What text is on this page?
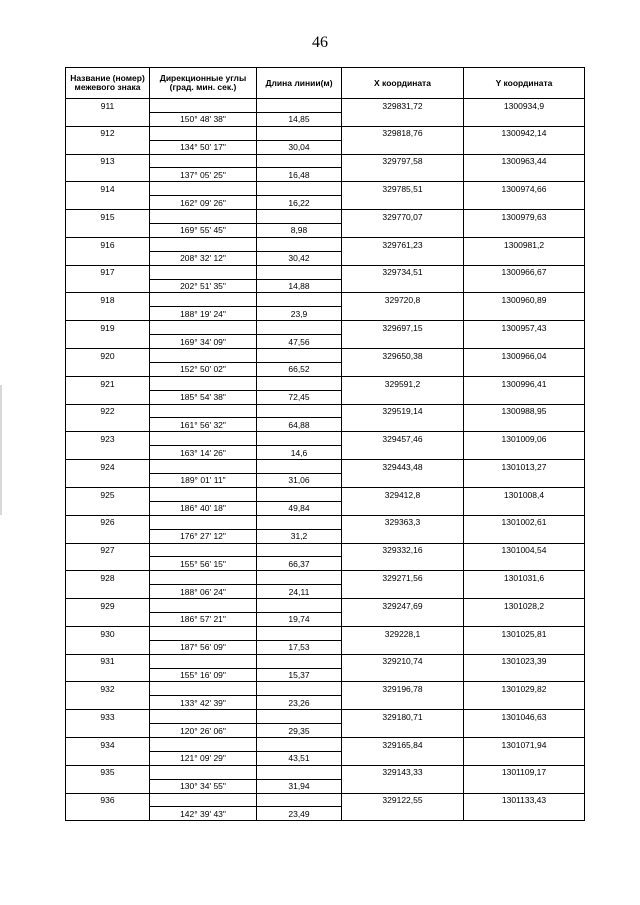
46
Название (номер) межевого знака	Дирекционные углы (град. мин. сек.)	Длина линии(м)	X координата	Y координата
911			329831,72	1300934,9
	150° 48' 38"	14,85		
912			329818,76	1300942,14
	134° 50' 17"	30,04		
913			329797,58	1300963,44
	137° 05' 25"	16,48		
914			329785,51	1300974,66
	162° 09' 26"	16,22		
915			329770,07	1300979,63
	169° 55' 45"	8,98		
916			329761,23	1300981,2
	208° 32' 12"	30,42		
917			329734,51	1300966,67
	202° 51' 35"	14,88		
918			329720,8	1300960,89
	188° 19' 24"	23,9		
919			329697,15	1300957,43
	169° 34' 09"	47,56		
920			329650,38	1300966,04
	152° 50' 02"	66,52		
921			329591,2	1300996,41
	185° 54' 38"	72,45		
922			329519,14	1300988,95
	161° 56' 32"	64,88		
923			329457,46	1301009,06
	163° 14' 26"	14,6		
924			329443,48	1301013,27
	189° 01' 11"	31,06		
925			329412,8	1301008,4
	186° 40' 18"	49,84		
926			329363,3	1301002,61
	176° 27' 12"	31,2		
927			329332,16	1301004,54
	155° 56' 15"	66,37		
928			329271,56	1301031,6
	188° 06' 24"	24,11		
929			329247,69	1301028,2
	186° 57' 21"	19,74		
930			329228,1	1301025,81
	187° 56' 09"	17,53		
931			329210,74	1301023,39
	155° 16' 09"	15,37		
932			329196,78	1301029,82
	133° 42' 39"	23,26		
933			329180,71	1301046,63
	120° 26' 06"	29,35		
934			329165,84	1301071,94
	121° 09' 29"	43,51		
935			329143,33	1301109,17
	130° 34' 55"	31,94		
936			329122,55	1301133,43
	142° 39' 43"	23,49		
